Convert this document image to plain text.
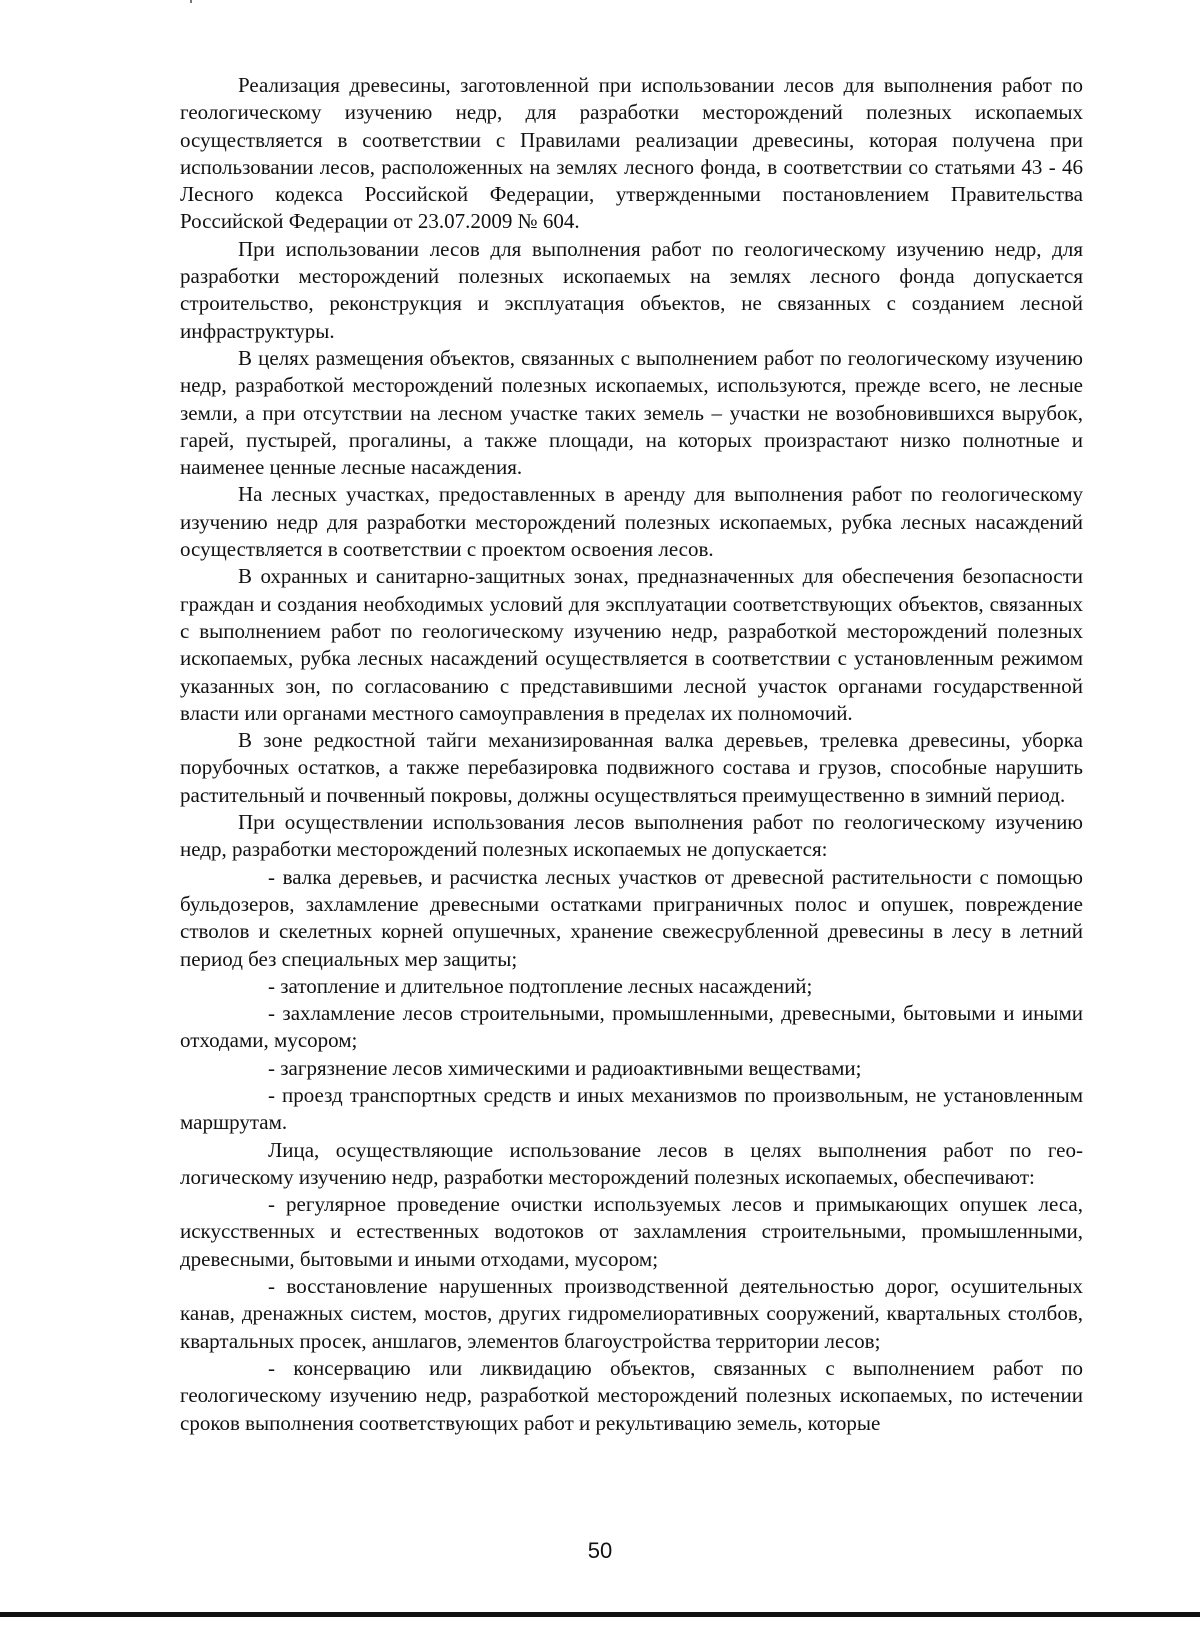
Реализация древесины, заготовленной при использовании лесов для выполнения работ по геологическому изучению недр, для разработки месторождений полезных ископаемых осуществляется в соответствии с Правилами реализации древесины, которая получена при использовании лесов, расположенных на землях лесного фонда, в соответствии со статьями 43 - 46 Лесного кодекса Российской Федерации, утвержденными постановлением Правительства Российской Федерации от 23.07.2009 № 604.

При использовании лесов для выполнения работ по геологическому изучению недр, для разработки месторождений полезных ископаемых на землях лесного фонда допускается строительство, реконструкция и эксплуатация объектов, не связанных с созданием лесной инфраструктуры.

В целях размещения объектов, связанных с выполнением работ по геологическому изучению недр, разработкой месторождений полезных ископаемых, используются, прежде всего, не лесные земли, а при отсутствии на лесном участке таких земель – участки не возобновившихся вырубок, гарей, пустырей, прогалины, а также площади, на которых произрастают низко полнотные и наименее ценные лесные насаждения.

На лесных участках, предоставленных в аренду для выполнения работ по геологическому изучению недр для разработки месторождений полезных ископаемых, рубка лесных насаждений осуществляется в соответствии с проектом освоения лесов.

В охранных и санитарно-защитных зонах, предназначенных для обеспечения безопасности граждан и создания необходимых условий для эксплуатации соответствующих объектов, связанных с выполнением работ по геологическому изучению недр, разработкой месторождений полезных ископаемых, рубка лесных насаждений осуществляется в соответствии с установленным режимом указанных зон, по согласованию с представившими лесной участок органами государственной власти или органами местного самоуправления в пределах их полномочий.

В зоне редкостной тайги механизированная валка деревьев, трелевка древесины, уборка порубочных остатков, а также перебазировка подвижного состава и грузов, способные нарушить растительный и почвенный покровы, должны осуществляться преимущественно в зимний период.

При осуществлении использования лесов выполнения работ по геологическому изучению недр, разработки месторождений полезных ископаемых не допускается:

- валка деревьев, и расчистка лесных участков от древесной растительности с помощью бульдозеров, захламление древесными остатками приграничных полос и опушек, повреждение стволов и скелетных корней опушечных, хранение свежесрубленной древесины в лесу в летний период без специальных мер защиты;

- затопление и длительное подтопление лесных насаждений;

- захламление лесов строительными, промышленными, древесными, бытовыми и иными отходами, мусором;

- загрязнение лесов химическими и радиоактивными веществами;

- проезд транспортных средств и иных механизмов по произвольным, не установленным маршрутам.

Лица, осуществляющие использование лесов в целях выполнения работ по геологическому изучению недр, разработки месторождений полезных ископаемых, обеспечивают:

- регулярное проведение очистки используемых лесов и примыкающих опушек леса, искусственных и естественных водотоков от захламления строительными, промышленными, древесными, бытовыми и иными отходами, мусором;

- восстановление нарушенных производственной деятельностью дорог, осушительных канав, дренажных систем, мостов, других гидромелиоративных сооружений, квартальных столбов, квартальных просек, аншлагов, элементов благоустройства территории лесов;

- консервацию или ликвидацию объектов, связанных с выполнением работ по геологическому изучению недр, разработкой месторождений полезных ископаемых, по истечении сроков выполнения соответствующих работ и рекультивацию земель, которые

50
